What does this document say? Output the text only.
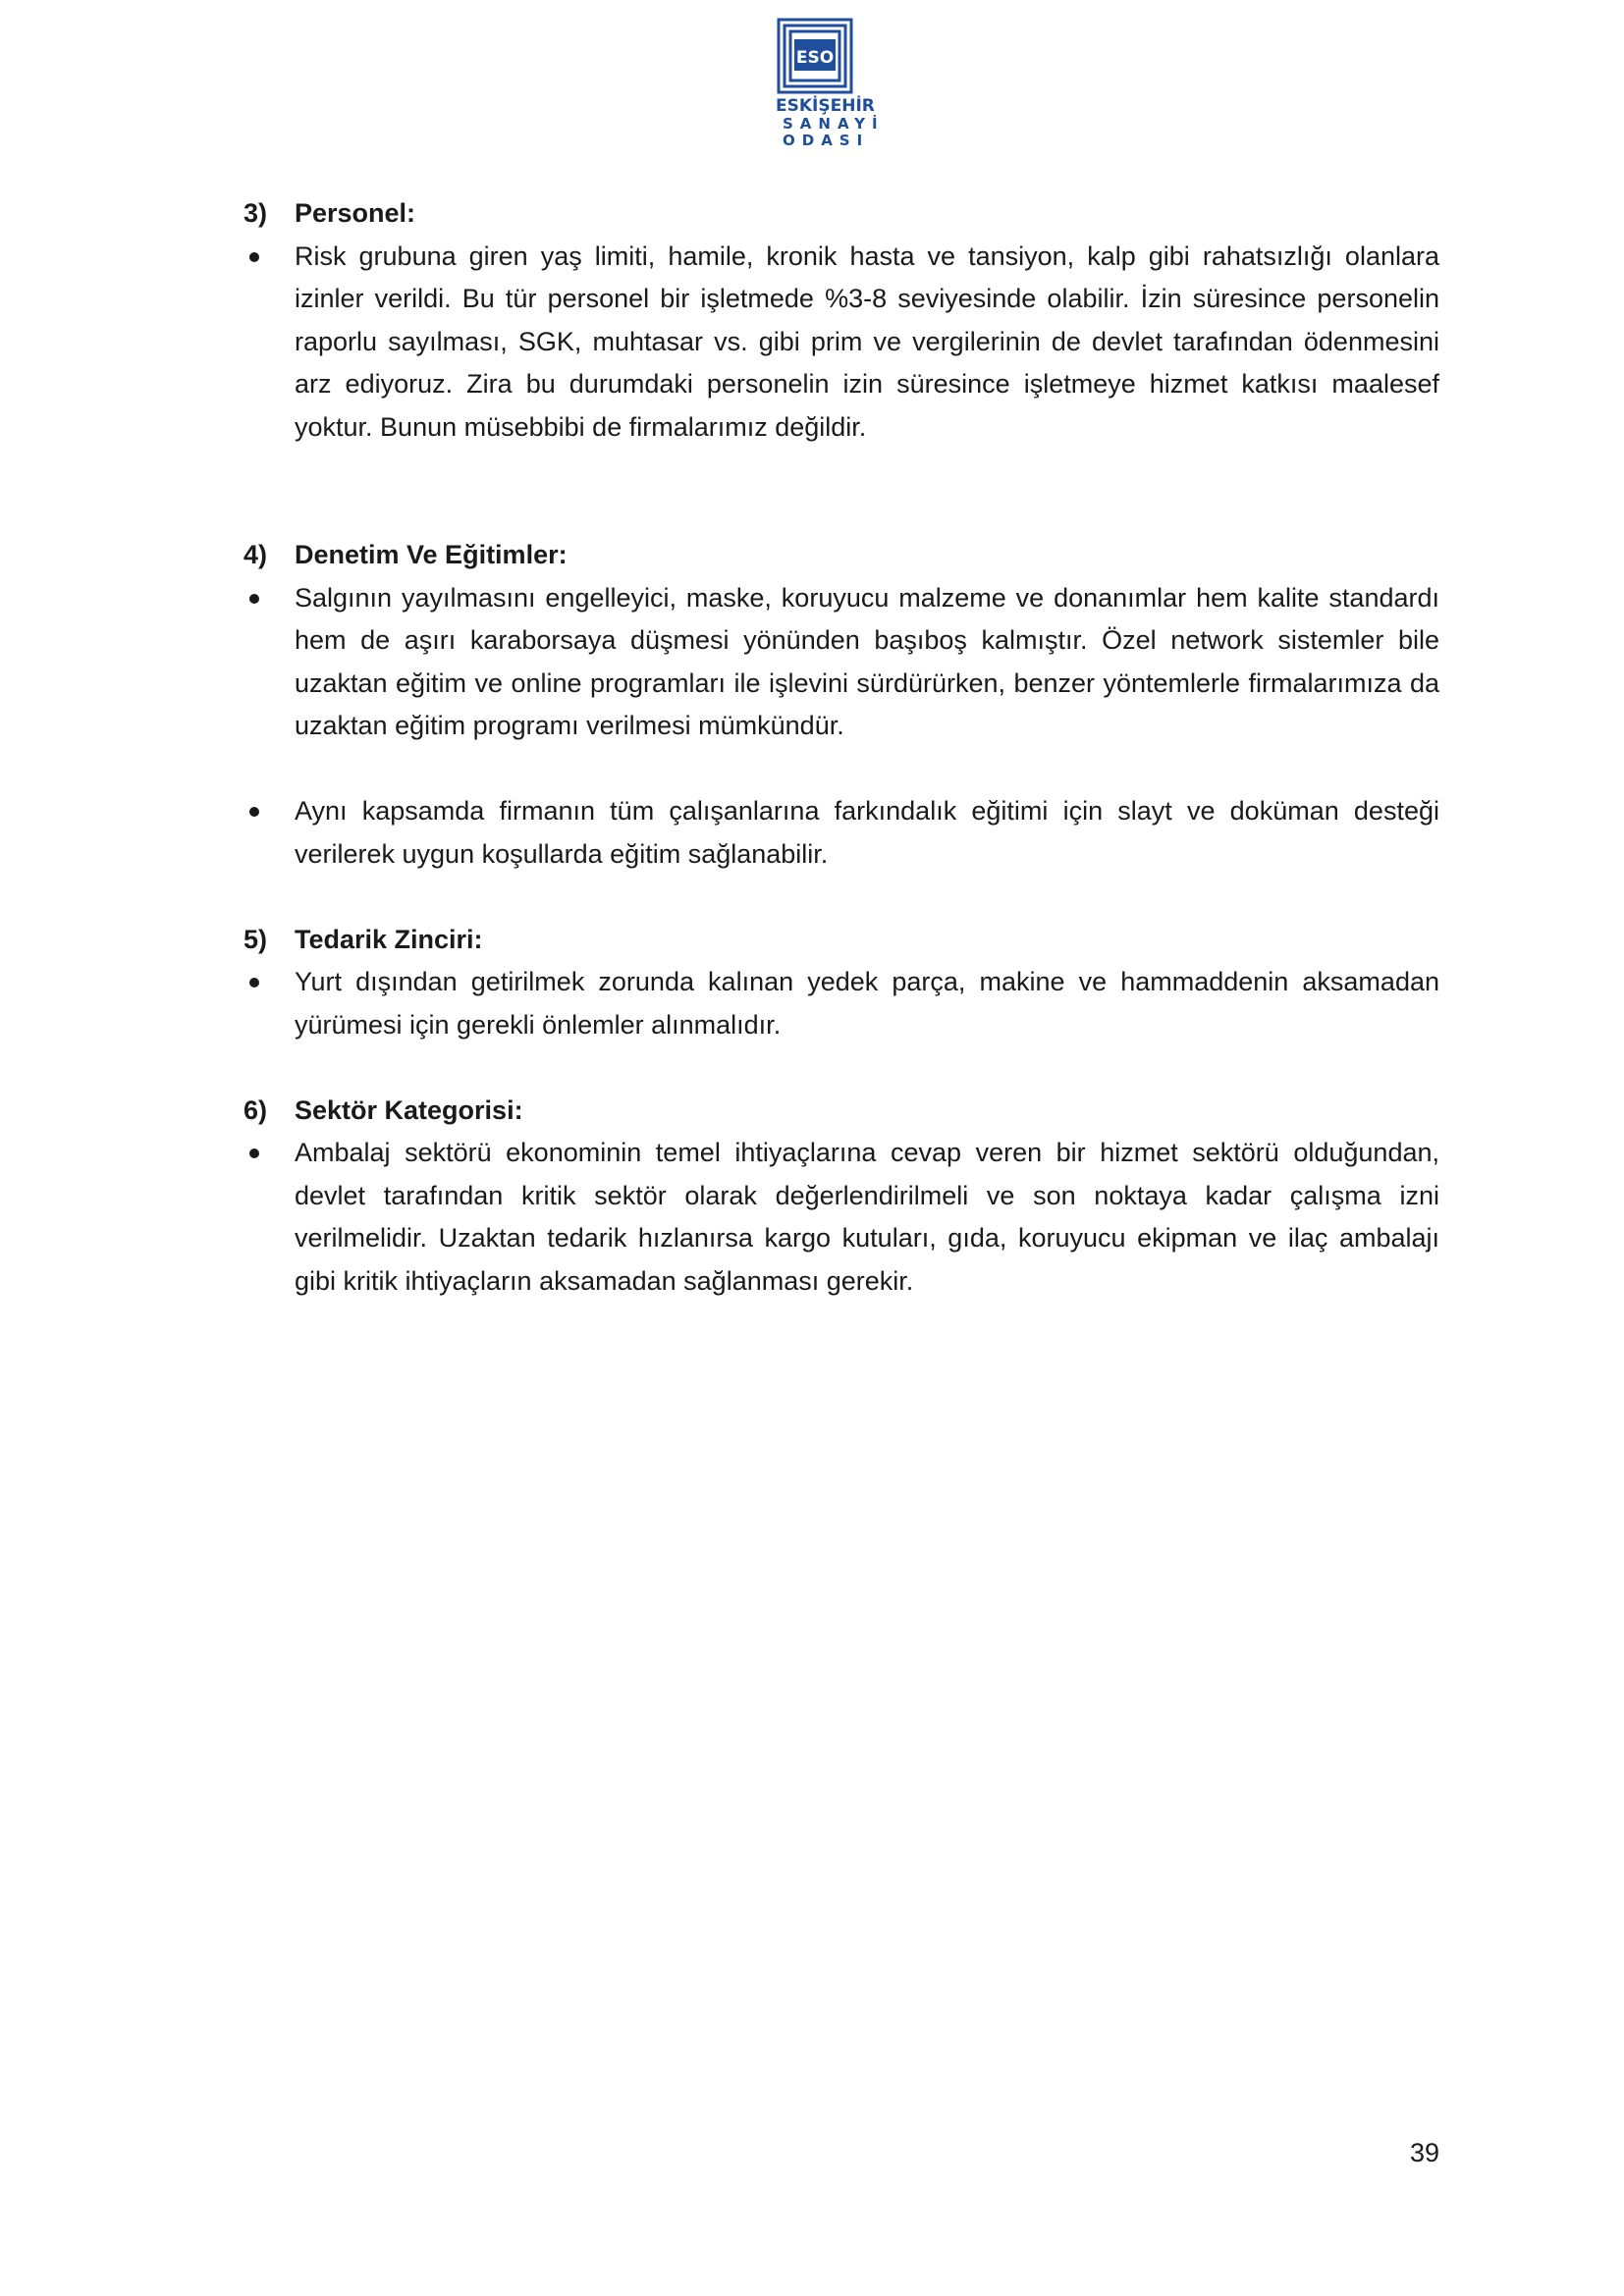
ESO
ESKİŞEHİR
SANAYİ
ODASI
3)	Personel:
Risk grubuna giren yaş limiti, hamile, kronik hasta ve tansiyon, kalp gibi rahatsızlığı olanlara izinler verildi. Bu tür personel bir işletmede %3-8 seviyesinde olabilir. İzin süresince personelin raporlu sayılması, SGK, muhtasar vs. gibi prim ve vergilerinin de devlet tarafından ödenmesini arz ediyoruz. Zira bu durumdaki personelin izin süresince işletmeye hizmet katkısı maalesef yoktur. Bunun müsebbibi de firmalarımız değildir.
4)	Denetim Ve Eğitimler:
Salgının yayılmasını engelleyici, maske, koruyucu malzeme ve donanımlar hem kalite standardı hem de aşırı karaborsaya düşmesi yönünden başıboş kalmıştır. Özel network sistemler bile uzaktan eğitim ve online programları ile işlevini sürdürürken, benzer yöntemlerle firmalarımıza da uzaktan eğitim programı verilmesi mümkündür.
Aynı kapsamda firmanın tüm çalışanlarına farkındalık eğitimi için slayt ve doküman desteği verilerek uygun koşullarda eğitim sağlanabilir.
5)	Tedarik Zinciri:
Yurt dışından getirilmek zorunda kalınan yedek parça, makine ve hammaddenin aksamadan yürümesi için gerekli önlemler alınmalıdır.
6)	Sektör Kategorisi:
Ambalaj sektörü ekonominin temel ihtiyaçlarına cevap veren bir hizmet sektörü olduğundan, devlet tarafından kritik sektör olarak değerlendirilmeli ve son noktaya kadar çalışma izni verilmelidir. Uzaktan tedarik hızlanırsa kargo kutuları, gıda, koruyucu ekipman ve ilaç ambalajı gibi kritik ihtiyaçların aksamadan sağlanması gerekir.
39
